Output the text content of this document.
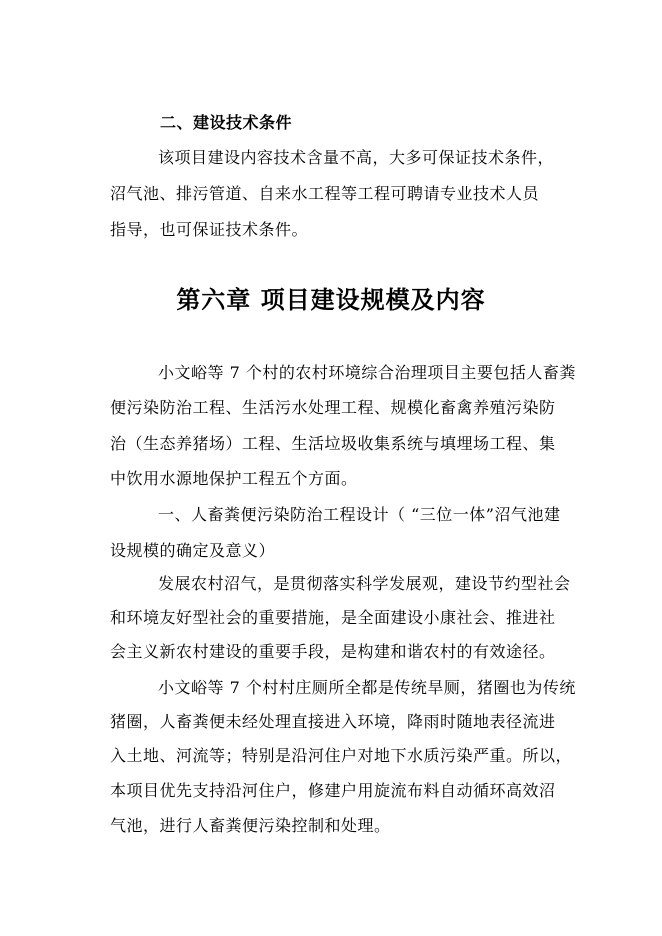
二、建设技术条件
该项目建设内容技术含量不高，大多可保证技术条件，
沼气池、排污管道、自来水工程等工程可聘请专业技术人员
指导，也可保证技术条件。
第六章 项目建设规模及内容
小文峪等 7 个村的农村环境综合治理项目主要包括人畜粪
便污染防治工程、生活污水处理工程、规模化畜禽养殖污染防
治（生态养猪场）工程、生活垃圾收集系统与填埋场工程、集
中饮用水源地保护工程五个方面。
一、人畜粪便污染防治工程设计（ “三位一体”沼气池建
设规模的确定及意义）
发展农村沼气，是贯彻落实科学发展观，建设节约型社会
和环境友好型社会的重要措施，是全面建设小康社会、推进社
会主义新农村建设的重要手段，是构建和谐农村的有效途径。
小文峪等 7 个村村庄厕所全都是传统旱厕，猪圈也为传统
猪圈，人畜粪便未经处理直接进入环境，降雨时随地表径流进
入土地、河流等；特别是沿河住户对地下水质污染严重。所以，
本项目优先支持沿河住户，修建户用旋流布料自动循环高效沼
气池，进行人畜粪便污染控制和处理。
